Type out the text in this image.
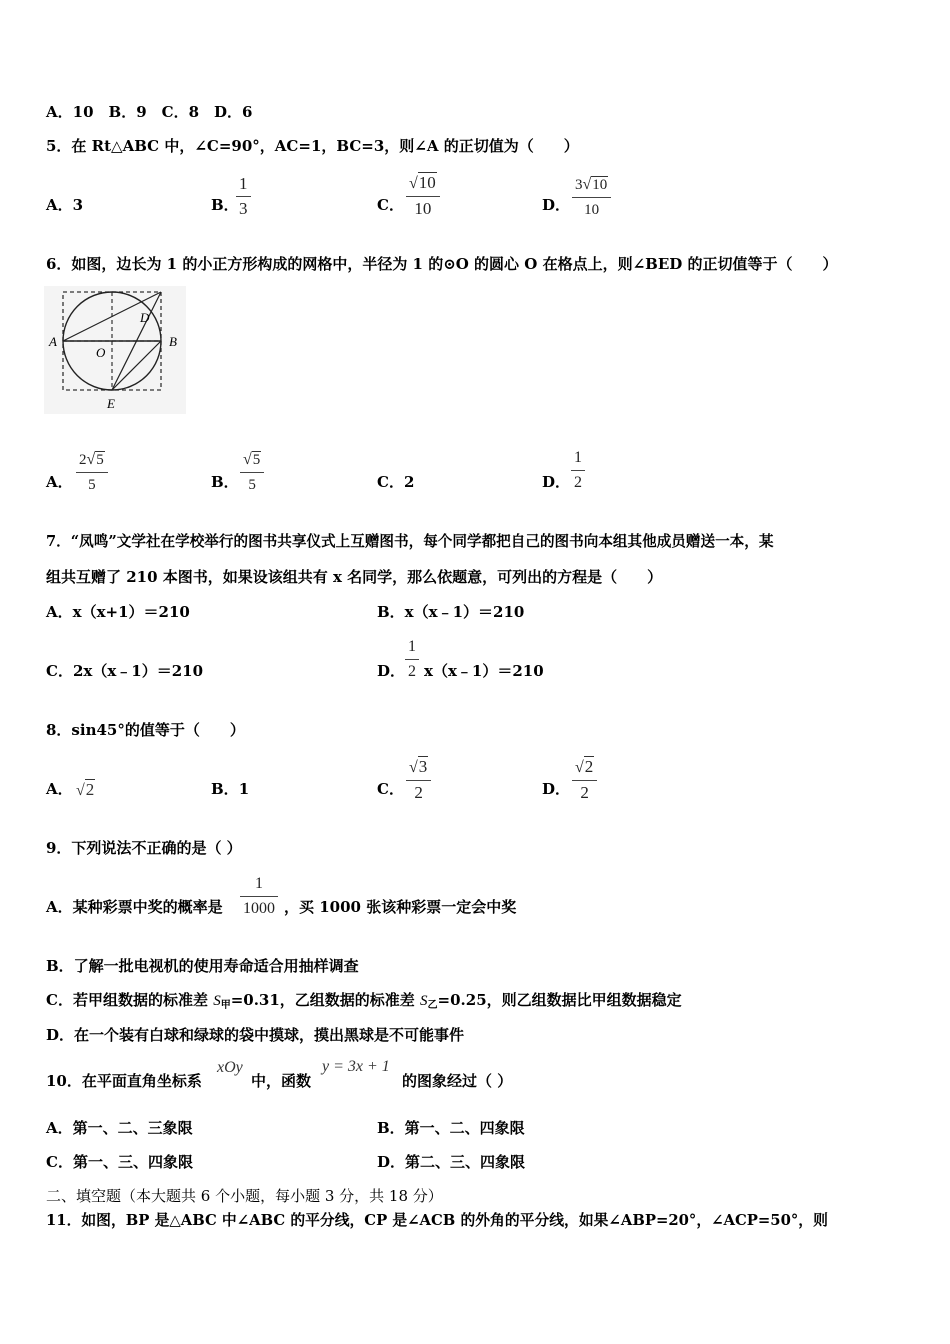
A．10　B．9　C．8　D．6
5．在 Rt△ABC 中，∠C=90°，AC=1，BC=3，则∠A 的正切值为（　　）
A．3	B．
1
3	C．
√10
10	D．
3√10
10
6．如图，边长为 1 的小正方形构成的网格中，半径为 1 的⊙O 的圆心 O 在格点上，则∠BED 的正切值等于（　　）
A	B
D
O
E
A．
2√5
5	B．
√5
5	C．2	D．
1
2
7．“凤鸣”文学社在学校举行的图书共享仪式上互赠图书，每个同学都把自己的图书向本组其他成员赠送一本，某
组共互赠了 210 本图书，如果设该组共有 x 名同学，那么依题意，可列出的方程是（　　）
A．x（x+1）＝210	B．x（x﹣1）＝210
C．2x（x﹣1）＝210	D．
1
2 x（x﹣1）＝210
8．sin45°的值等于（　　）
A． √2	B．1	C．
√3
2	D．
√2
2
9．下列说法不正确的是（ ）
A．某种彩票中奖的概率是
1
1000 ，买 1000 张该种彩票一定会中奖
B．了解一批电视机的使用寿命适合用抽样调查
C．若甲组数据的标准差 $S_甲=0.31$，乙组数据的标准差 $S_乙=0.25$，则乙组数据比甲组数据稳定
D．在一个装有白球和绿球的袋中摸球，摸出黑球是不可能事件
10．在平面直角坐标系
xOy
中，函数
y = 3x + 1
的图象经过（ ）
A．第一、二、三象限	B．第一、二、四象限
C．第一、三、四象限	D．第二、三、四象限
二、填空题（本大题共 6 个小题，每小题 3 分，共 18 分）
11．如图，BP 是△ABC 中∠ABC 的平分线，CP 是∠ACB 的外角的平分线，如果∠ABP=20°，∠ACP=50°，则
